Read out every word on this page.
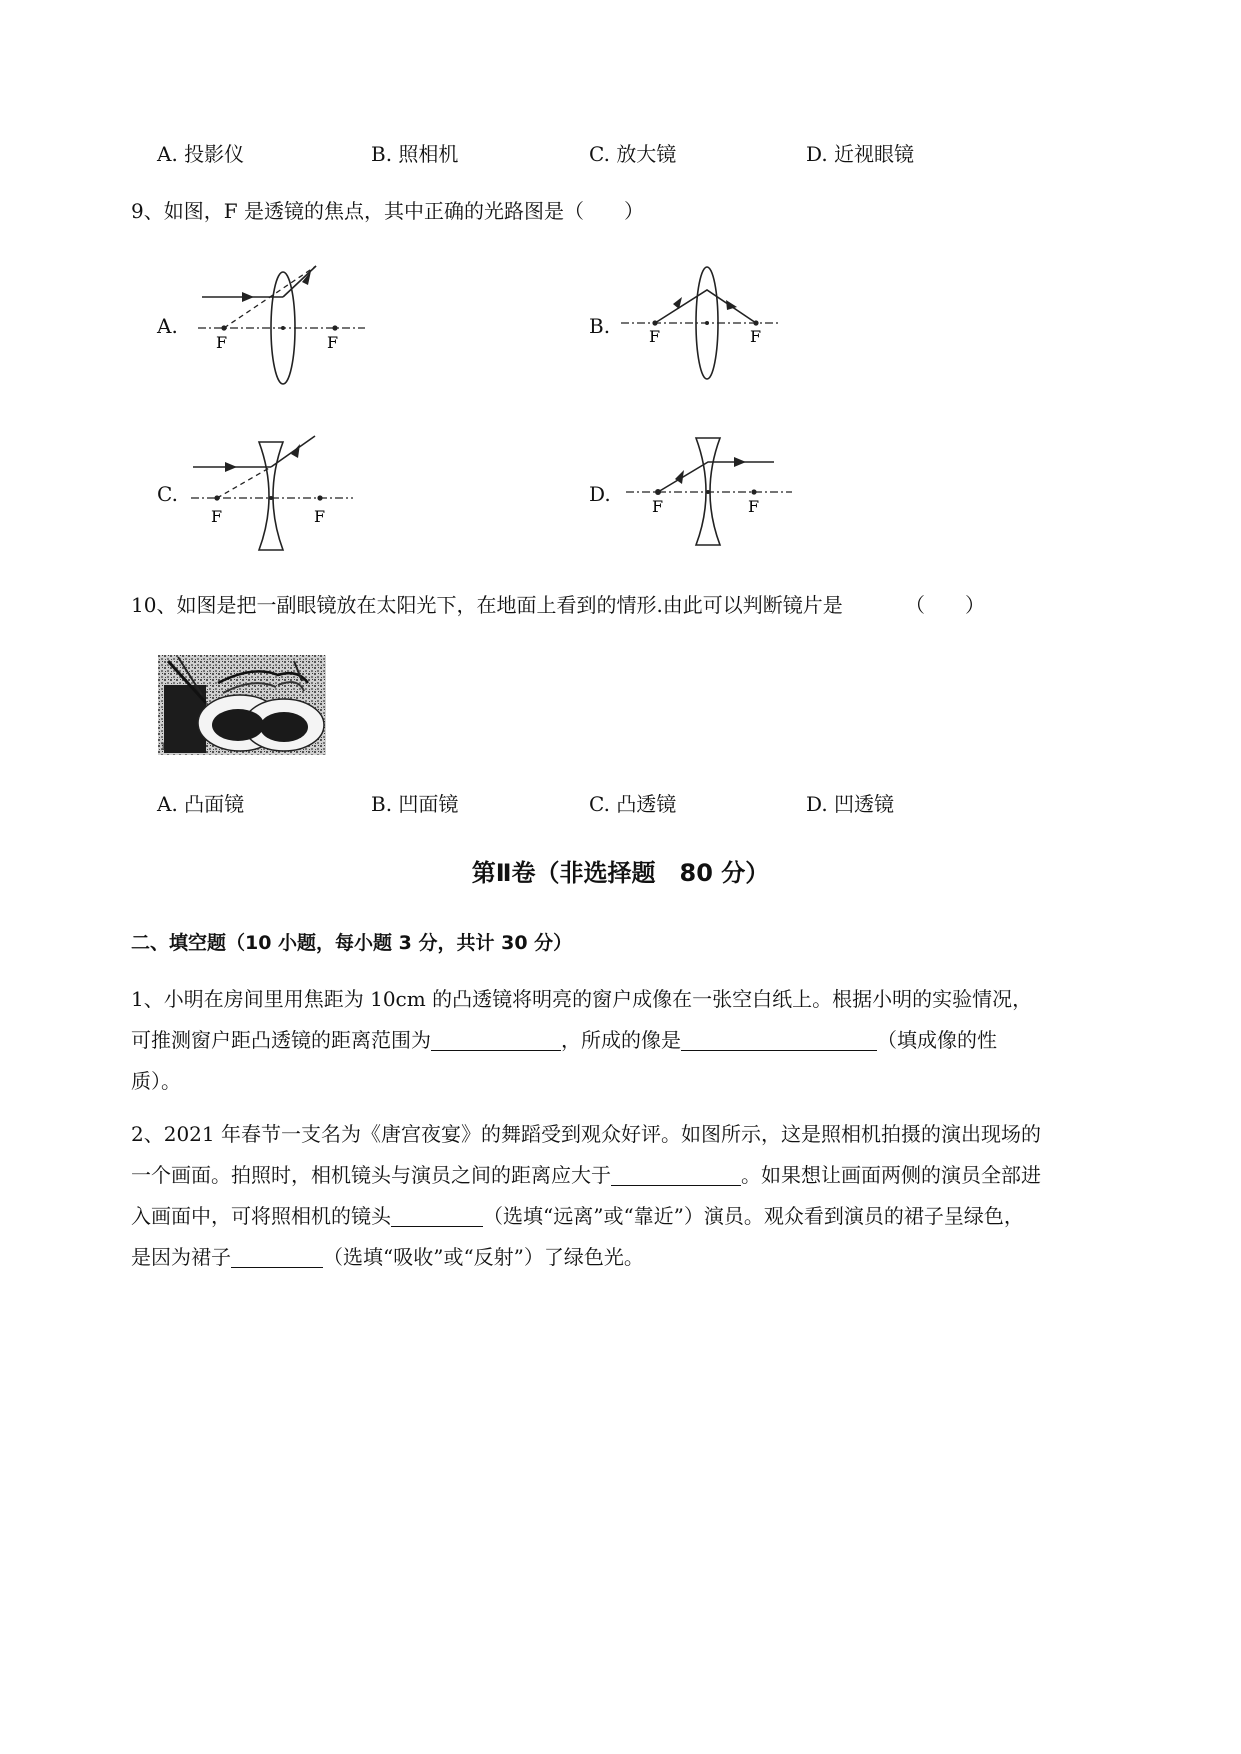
A. 投影仪	B. 照相机	C. 放大镜	D. 近视眼镜
9、如图，F 是透镜的焦点，其中正确的光路图是（　　）
A.
F	F
B. F	F
C.
F	F
D.
F	F
10、如图是把一副眼镜放在太阳光下，在地面上看到的情形.由此可以判断镜片是	（　　）
1
A. 凸面镜	B. 凹面镜	C. 凸透镜	D. 凹透镜
第Ⅱ卷（非选择题　80 分）
二、填空题（10 小题，每小题 3 分，共计 30 分）
1、小明在房间里用焦距为 10cm 的凸透镜将明亮的窗户成像在一张空白纸上。根据小明的实验情况，可推测窗户距凸透镜的距离范围为	，所成的像是	（填成像的性质）。
2、2021 年春节一支名为《唐宫夜宴》的舞蹈受到观众好评。如图所示，这是照相机拍摄的演出现场的一个画面。拍照时，相机镜头与演员之间的距离应大于	。如果想让画面两侧的演员全部进入画面中，可将照相机的镜头	（选填“远离”或“靠近”）演员。观众看到演员的裙子呈绿色，是因为裙子	（选填“吸收”或“反射”）了绿色光。
